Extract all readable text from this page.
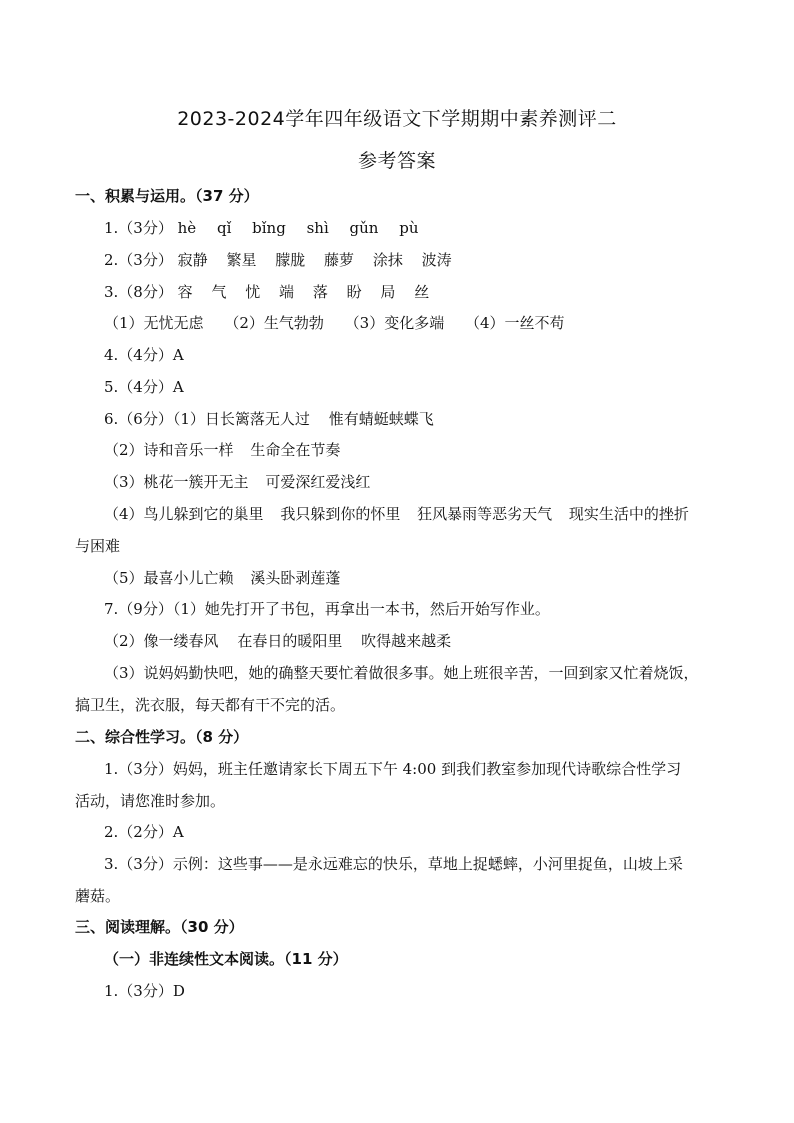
2023-2024学年四年级语文下学期期中素养测评二
参考答案
一、积累与运用。（37 分）
1.（3分） hè qǐ bǐng shì gǔn pù
2.（3分） 寂静 繁星 朦胧 藤萝 涂抹 波涛
3.（8分） 容 气 忧 端 落 盼 局 丝
（1）无忧无虑 （2）生气勃勃 （3）变化多端 （4）一丝不苟
4.（4分）A
5.（4分）A
6.（6分）（1）日长篱落无人过 惟有蜻蜓蛱蝶飞
（2）诗和音乐一样 生命全在节奏
（3）桃花一簇开无主 可爱深红爱浅红
（4）鸟儿躲到它的巢里 我只躲到你的怀里 狂风暴雨等恶劣天气 现实生活中的挫折
与困难
（5）最喜小儿亡赖 溪头卧剥莲蓬
7.（9分）（1）她先打开了书包，再拿出一本书，然后开始写作业。
（2）像一缕春风 在春日的暖阳里 吹得越来越柔
（3）说妈妈勤快吧，她的确整天要忙着做很多事。她上班很辛苦，一回到家又忙着烧饭，
搞卫生，洗衣服，每天都有干不完的活。
二、综合性学习。（8 分）
1.（3分）妈妈，班主任邀请家长下周五下午 4:00 到我们教室参加现代诗歌综合性学习
活动，请您准时参加。
2.（2分）A
3.（3分）示例：这些事——是永远难忘的快乐，草地上捉蟋蟀，小河里捉鱼，山坡上采
蘑菇。
三、阅读理解。（30 分）
（一）非连续性文本阅读。（11 分）
1.（3分）D
